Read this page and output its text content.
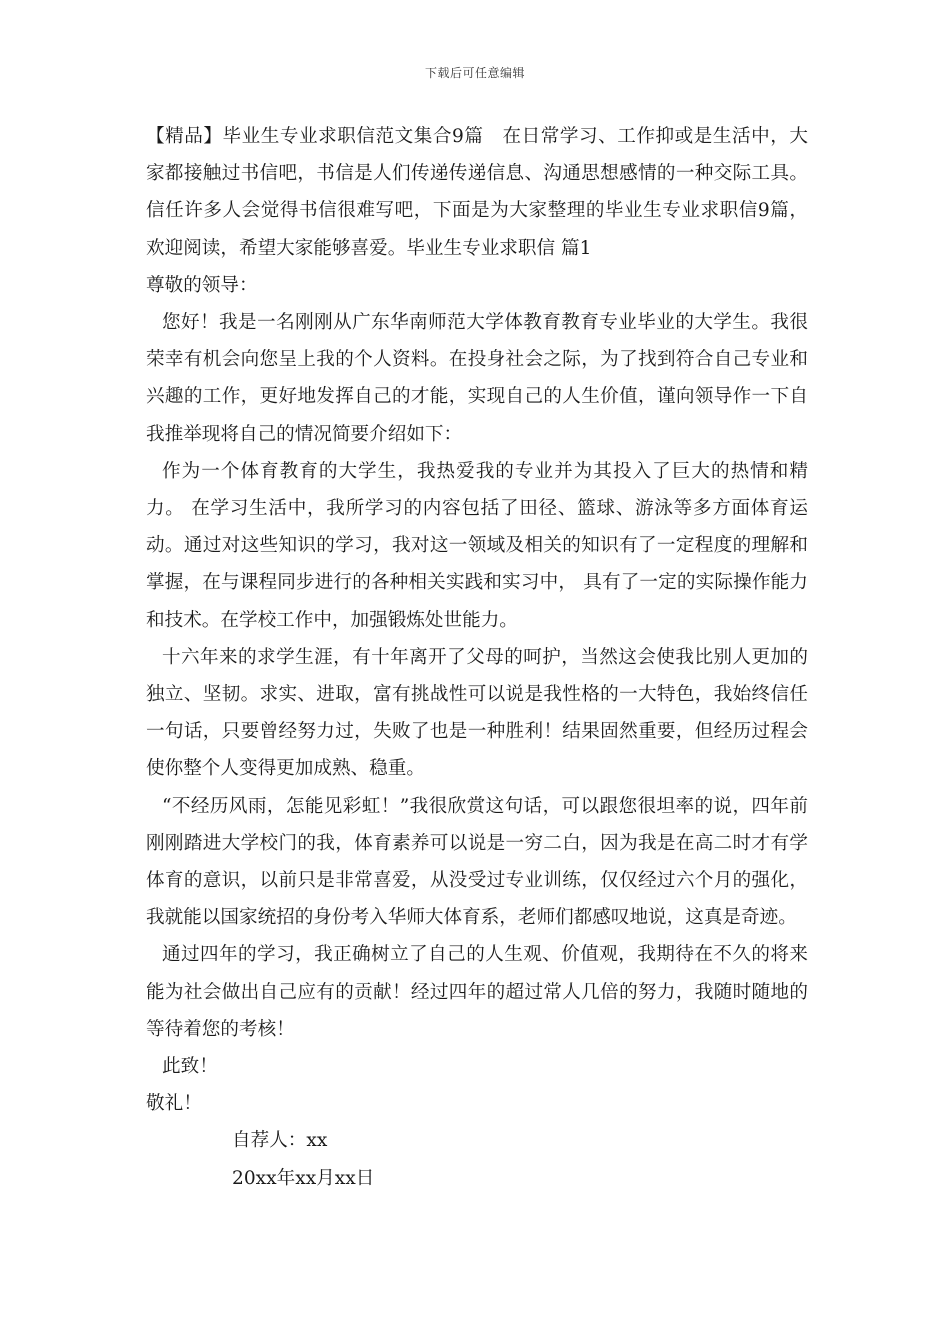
下载后可任意编辑

【精品】毕业生专业求职信范文集合9篇　在日常学习、工作抑或是生活中，大家都接触过书信吧，书信是人们传递传递信息、沟通思想感情的一种交际工具。信任许多人会觉得书信很难写吧，下面是为大家整理的毕业生专业求职信9篇，欢迎阅读，希望大家能够喜爱。毕业生专业求职信 篇1

尊敬的领导：

您好！我是一名刚刚从广东华南师范大学体教育教育专业毕业的大学生。我很荣幸有机会向您呈上我的个人资料。在投身社会之际，为了找到符合自己专业和兴趣的工作，更好地发挥自己的才能，实现自己的人生价值，谨向领导作一下自我推举现将自己的情况简要介绍如下：

作为一个体育教育的大学生，我热爱我的专业并为其投入了巨大的热情和精力。 在学习生活中，我所学习的内容包括了田径、篮球、游泳等多方面体育运动。通过对这些知识的学习，我对这一领域及相关的知识有了一定程度的理解和掌握，在与课程同步进行的各种相关实践和实习中， 具有了一定的实际操作能力和技术。在学校工作中，加强锻炼处世能力。

十六年来的求学生涯，有十年离开了父母的呵护，当然这会使我比别人更加的独立、坚韧。求实、进取，富有挑战性可以说是我性格的一大特色，我始终信任一句话，只要曾经努力过，失败了也是一种胜利！结果固然重要，但经历过程会使你整个人变得更加成熟、稳重。

“不经历风雨，怎能见彩虹！”我很欣赏这句话，可以跟您很坦率的说，四年前刚刚踏进大学校门的我，体育素养可以说是一穷二白，因为我是在高二时才有学体育的意识，以前只是非常喜爱，从没受过专业训练，仅仅经过六个月的强化，我就能以国家统招的身份考入华师大体育系，老师们都感叹地说，这真是奇迹。

通过四年的学习，我正确树立了自己的人生观、价值观，我期待在不久的将来能为社会做出自己应有的贡献！经过四年的超过常人几倍的努力，我随时随地的等待着您的考核！

此致！

敬礼！

自荐人：xx

20xx年xx月xx日
